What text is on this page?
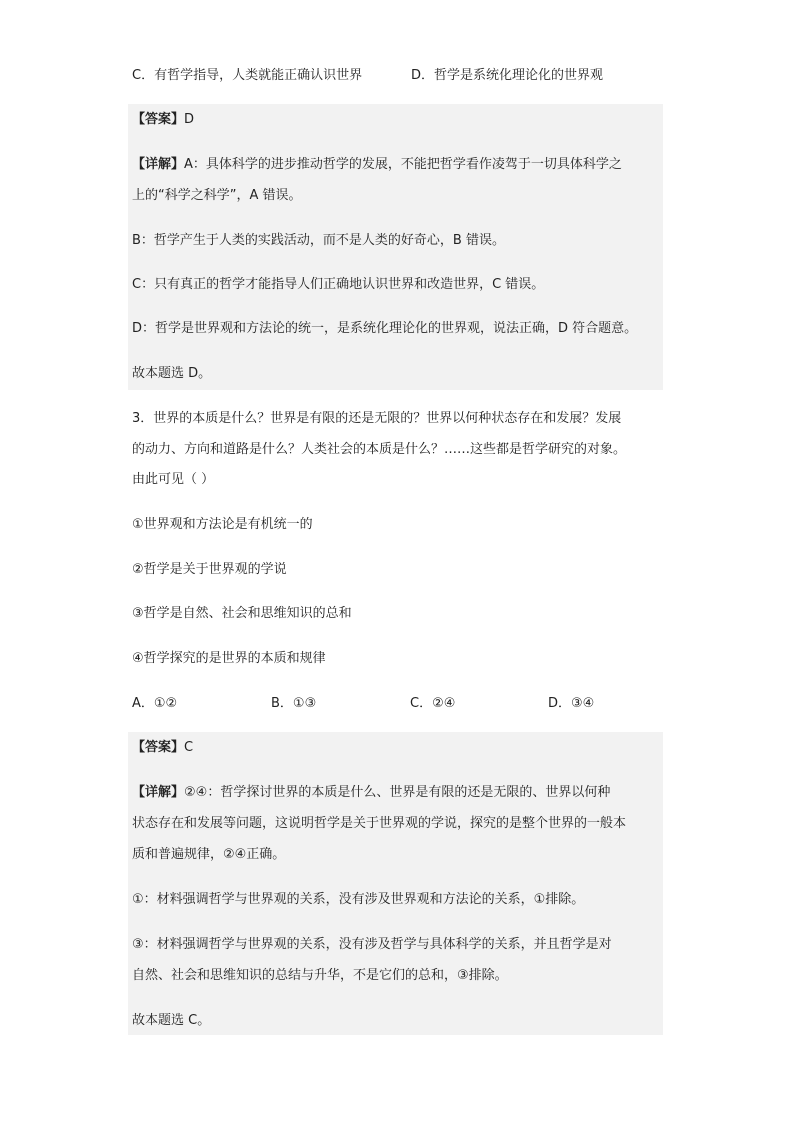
C．有哲学指导，人类就能正确认识世界	D．哲学是系统化理论化的世界观
【答案】D
【详解】A：具体科学的进步推动哲学的发展，不能把哲学看作凌驾于一切具体科学之
上的“科学之科学”，A 错误。
B：哲学产生于人类的实践活动，而不是人类的好奇心，B 错误。
C：只有真正的哲学才能指导人们正确地认识世界和改造世界，C 错误。
D：哲学是世界观和方法论的统一，是系统化理论化的世界观，说法正确，D 符合题意。
故本题选 D。
3．世界的本质是什么？世界是有限的还是无限的？世界以何种状态存在和发展？发展
的动力、方向和道路是什么？人类社会的本质是什么？……这些都是哲学研究的对象。
由此可见（ ）
①世界观和方法论是有机统一的
②哲学是关于世界观的学说
③哲学是自然、社会和思维知识的总和
④哲学探究的是世界的本质和规律
A．①②	B．①③	C．②④	D．③④
【答案】C
【详解】②④：哲学探讨世界的本质是什么、世界是有限的还是无限的、世界以何种
状态存在和发展等问题，这说明哲学是关于世界观的学说，探究的是整个世界的一般本
质和普遍规律，②④正确。
①：材料强调哲学与世界观的关系，没有涉及世界观和方法论的关系，①排除。
③：材料强调哲学与世界观的关系，没有涉及哲学与具体科学的关系，并且哲学是对
自然、社会和思维知识的总结与升华，不是它们的总和，③排除。
故本题选 C。
